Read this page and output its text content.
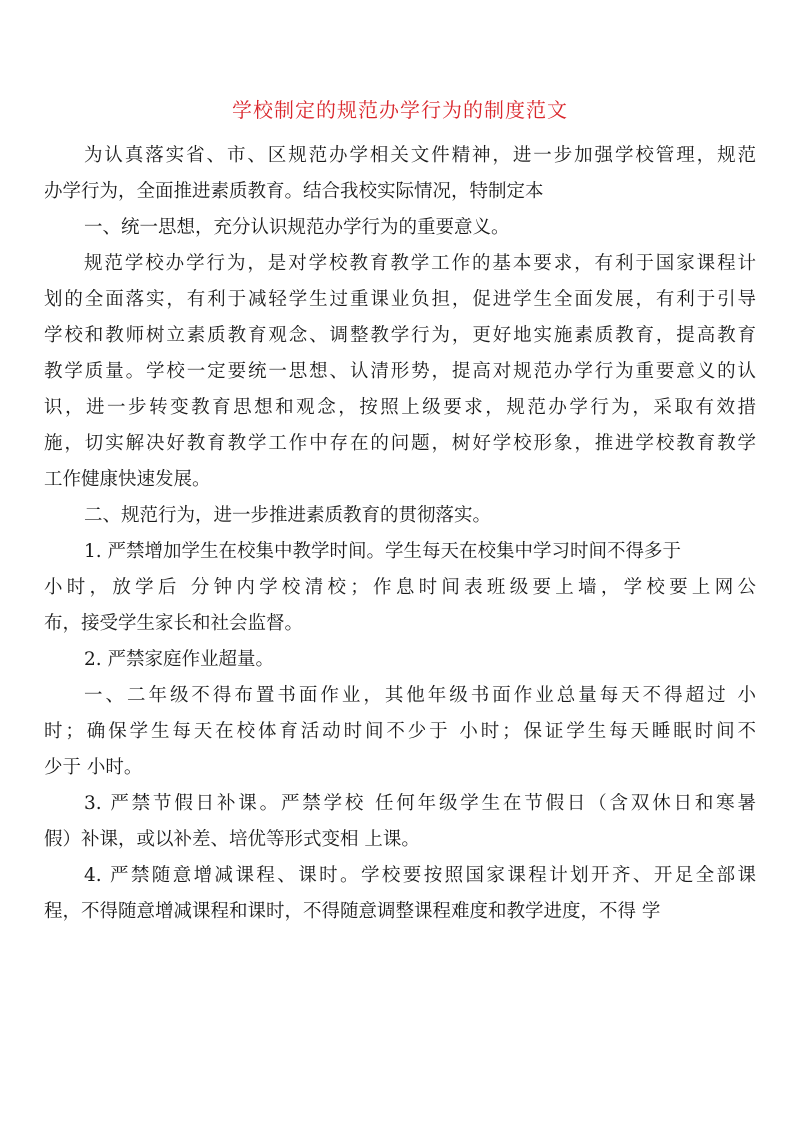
学校制定的规范办学行为的制度范文
为认真落实省、市、区规范办学相关文件精神，进一步加强学校管理，规范
办学行为，全面推进素质教育。结合我校实际情况，特制定本
一、统一思想，充分认识规范办学行为的重要意义。
规范学校办学行为，是对学校教育教学工作的基本要求，有利于国家课程计
划的全面落实，有利于减轻学生过重课业负担，促进学生全面发展，有利于引导
学校和教师树立素质教育观念、调整教学行为，更好地实施素质教育，提高教育
教学质量。学校一定要统一思想、认清形势，提高对规范办学行为重要意义的认
识，进一步转变教育思想和观念，按照上级要求，规范办学行为，采取有效措
施，切实解决好教育教学工作中存在的问题，树好学校形象，推进学校教育教学
工作健康快速发展。
二、规范行为，进一步推进素质教育的贯彻落实。
1. 严禁增加学生在校集中教学时间。学生每天在校集中学习时间不得多于
小时，放学后 分钟内学校清校；作息时间表班级要上墙，学校要上网公
布，接受学生家长和社会监督。
2. 严禁家庭作业超量。
一、二年级不得布置书面作业，其他年级书面作业总量每天不得超过 小
时；确保学生每天在校体育活动时间不少于 小时；保证学生每天睡眠时间不
少于 小时。
3. 严禁节假日补课。严禁学校 任何年级学生在节假日（含双休日和寒暑
假）补课，或以补差、培优等形式变相 上课。
4. 严禁随意增减课程、课时。学校要按照国家课程计划开齐、开足全部课
程，不得随意增减课程和课时，不得随意调整课程难度和教学进度，不得 学
